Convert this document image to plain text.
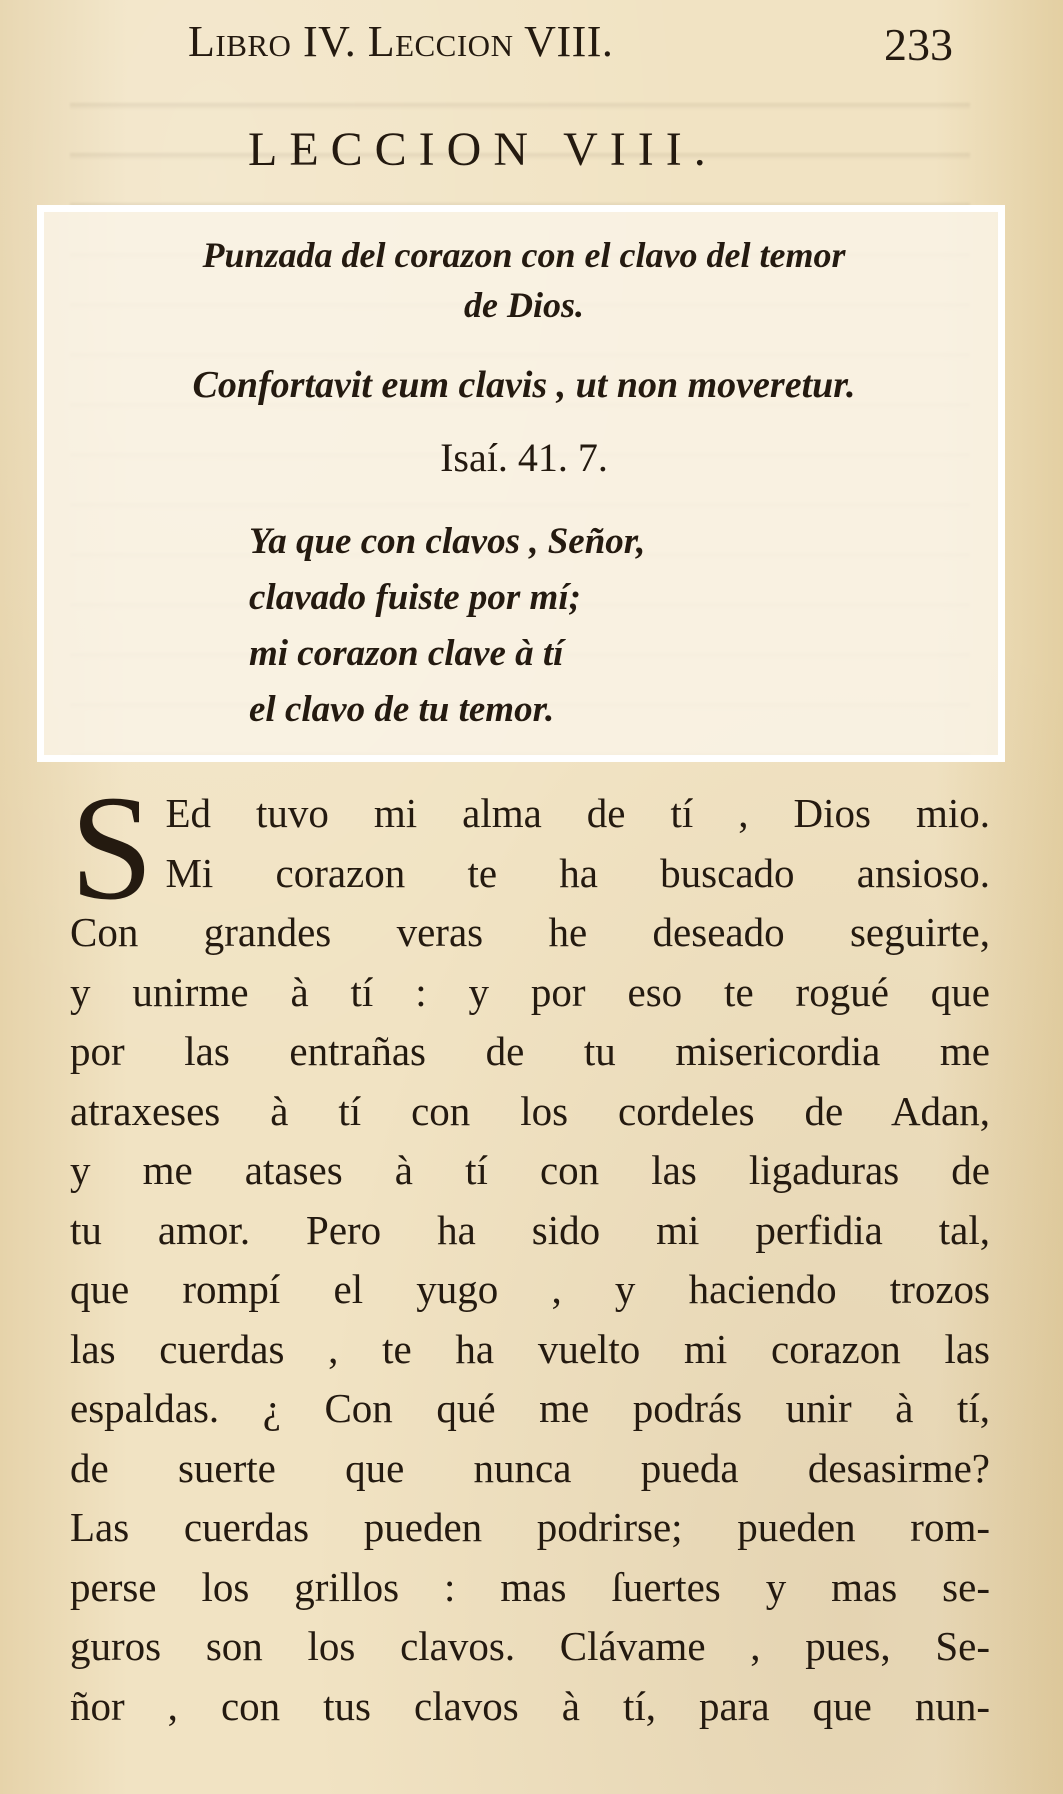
Libro IV. Leccion VIII.	233
LECCION VIII.
Punzada del corazon con el clavo del temor
de Dios.
Confortavit eum clavis , ut non moveretur.
Isaí. 41. 7.
Ya que con clavos , Señor,
clavado fuiste por mí;
mi corazon clave à tí
el clavo de tu temor.
S Ed tuvo mi alma de tí , Dios mio.
Mi corazon te ha buscado ansioso.
Con grandes veras he deseado seguirte,
y unirme à tí : y por eso te rogué que
por las entrañas de tu misericordia me
atraxeses à tí con los cordeles de Adan,
y me atases à tí con las ligaduras de
tu amor. Pero ha sido mi perfidia tal,
que rompí el yugo , y haciendo trozos
las cuerdas , te ha vuelto mi corazon las
espaldas. ¿ Con qué me podrás unir à tí,
de suerte que nunca pueda desasirme?
Las cuerdas pueden podrirse; pueden rom-
perse los grillos : mas ſuertes y mas se-
guros son los clavos. Clávame , pues, Se-
ñor , con tus clavos à tí, para que nun-
